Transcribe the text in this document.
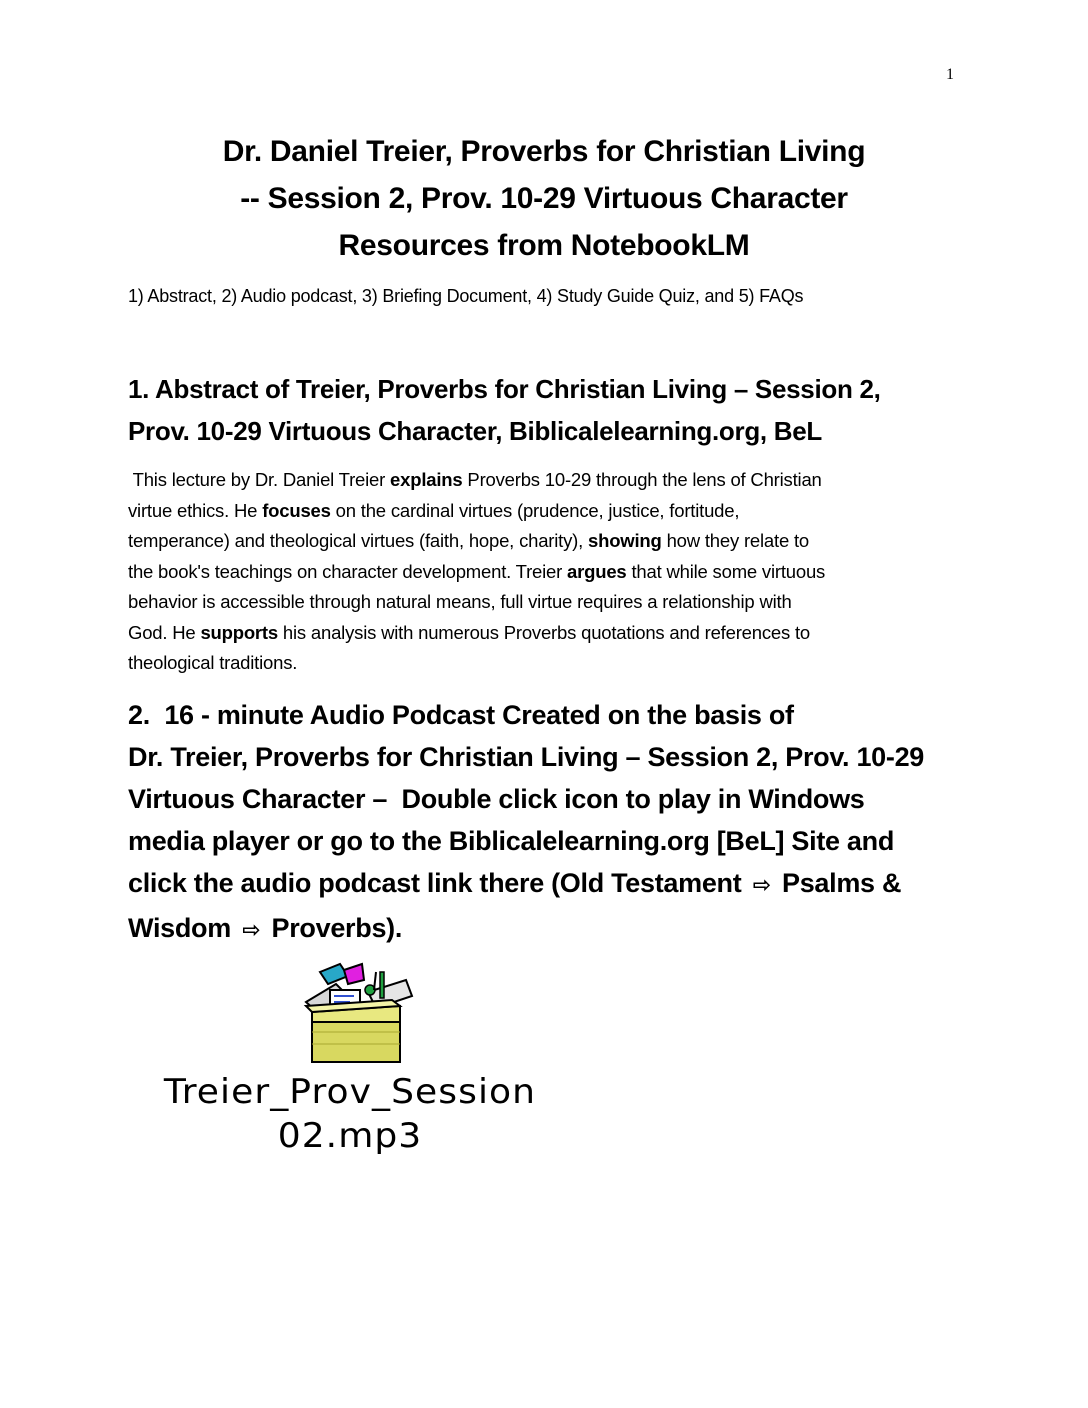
1
Dr. Daniel Treier, Proverbs for Christian Living
-- Session 2, Prov. 10-29 Virtuous Character
Resources from NotebookLM
1) Abstract, 2) Audio podcast, 3) Briefing Document, 4) Study Guide Quiz, and 5) FAQs
1. Abstract of Treier, Proverbs for Christian Living – Session 2,
Prov. 10-29 Virtuous Character, Biblicalelearning.org, BeL
This lecture by Dr. Daniel Treier explains Proverbs 10-29 through the lens of Christian
virtue ethics. He focuses on the cardinal virtues (prudence, justice, fortitude,
temperance) and theological virtues (faith, hope, charity), showing how they relate to
the book's teachings on character development. Treier argues that while some virtuous
behavior is accessible through natural means, full virtue requires a relationship with
God. He supports his analysis with numerous Proverbs quotations and references to
theological traditions.
2.  16 - minute Audio Podcast Created on the basis of
Dr. Treier, Proverbs for Christian Living – Session 2, Prov. 10-29
Virtuous Character –  Double click icon to play in Windows
media player or go to the Biblicalelearning.org [BeL] Site and
click the audio podcast link there (Old Testament ⇨ Psalms &
Wisdom ⇨ Proverbs).
Treier_Prov_Session
02.mp3
